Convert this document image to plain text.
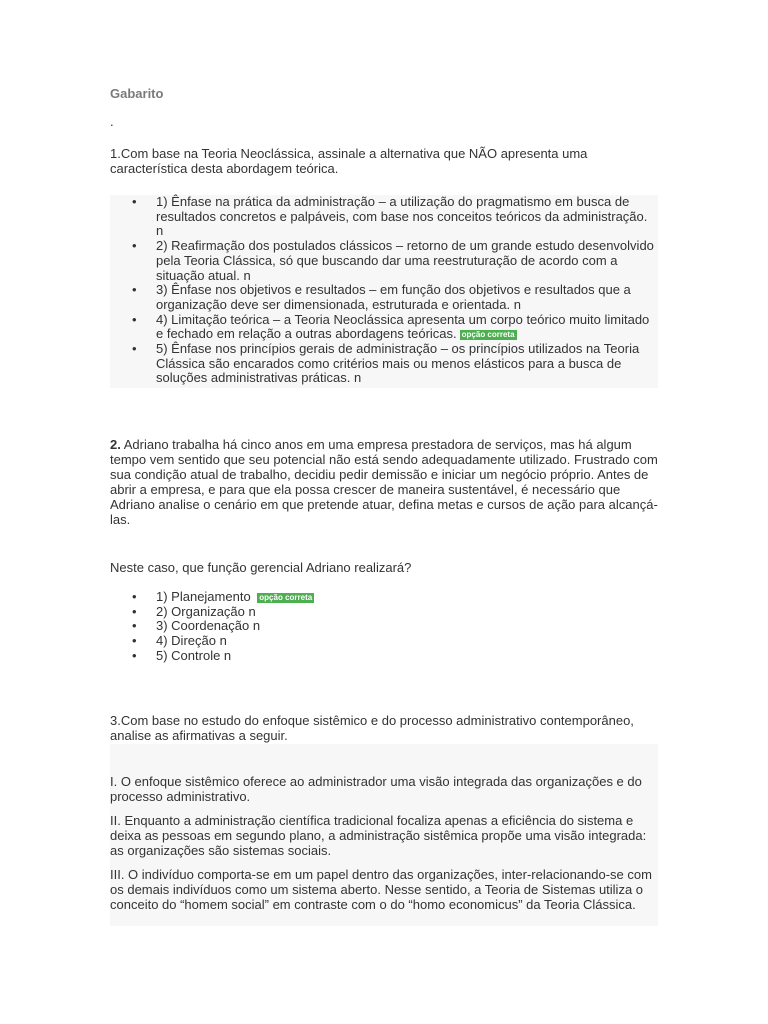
Gabarito
.
1.Com base na Teoria Neoclássica, assinale a alternativa que NÃO apresenta uma característica desta abordagem teórica.
• 1) Ênfase na prática da administração – a utilização do pragmatismo em busca de resultados concretos e palpáveis, com base nos conceitos teóricos da administração. n
• 2) Reafirmação dos postulados clássicos – retorno de um grande estudo desenvolvido pela Teoria Clássica, só que buscando dar uma reestruturação de acordo com a situação atual. n
• 3) Ênfase nos objetivos e resultados – em função dos objetivos e resultados que a organização deve ser dimensionada, estruturada e orientada. n
• 4) Limitação teórica – a Teoria Neoclássica apresenta um corpo teórico muito limitado e fechado em relação a outras abordagens teóricas. opção correta
• 5) Ênfase nos princípios gerais de administração – os princípios utilizados na Teoria Clássica são encarados como critérios mais ou menos elásticos para a busca de soluções administrativas práticas. n
2. Adriano trabalha há cinco anos em uma empresa prestadora de serviços, mas há algum tempo vem sentido que seu potencial não está sendo adequadamente utilizado. Frustrado com sua condição atual de trabalho, decidiu pedir demissão e iniciar um negócio próprio. Antes de abrir a empresa, e para que ela possa crescer de maneira sustentável, é necessário que Adriano analise o cenário em que pretende atuar, defina metas e cursos de ação para alcançá-las.
Neste caso, que função gerencial Adriano realizará?
• 1) Planejamento opção correta
• 2) Organização n
• 3) Coordenação n
• 4) Direção n
• 5) Controle n
3.Com base no estudo do enfoque sistêmico e do processo administrativo contemporâneo, analise as afirmativas a seguir.
I. O enfoque sistêmico oferece ao administrador uma visão integrada das organizações e do processo administrativo.
II. Enquanto a administração científica tradicional focaliza apenas a eficiência do sistema e deixa as pessoas em segundo plano, a administração sistêmica propõe uma visão integrada: as organizações são sistemas sociais.
III. O indivíduo comporta-se em um papel dentro das organizações, inter-relacionando-se com os demais indivíduos como um sistema aberto. Nesse sentido, a Teoria de Sistemas utiliza o conceito do “homem social” em contraste com o do “homo economicus” da Teoria Clássica.
